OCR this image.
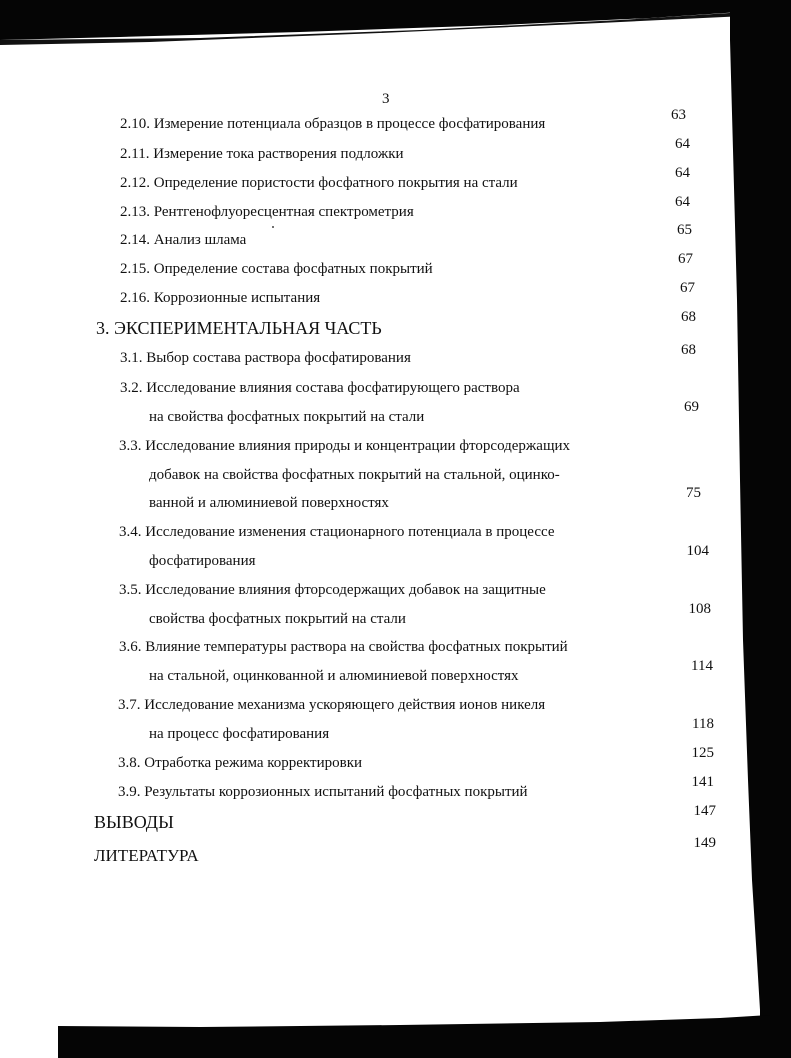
3
2.10. Измерение потенциала образцов в процессе фосфатирования
63
2.11. Измерение тока растворения подложки
64
2.12. Определение пористости фосфатного покрытия на стали
64
2.13. Рентгенофлуоресцентная спектрометрия
64
2.14. Анализ шлама
65
2.15. Определение состава фосфатных покрытий
67
2.16. Коррозионные испытания
67
3. ЭКСПЕРИМЕНТАЛЬНАЯ ЧАСТЬ
68
3.1. Выбор состава раствора фосфатирования	68
3.2. Исследование влияния состава фосфатирующего раствора
на свойства фосфатных покрытий на стали
69
3.3. Исследование влияния природы и концентрации фторсодержащих
добавок на свойства фосфатных покрытий на стальной, оцинко-
ванной и алюминиевой поверхностях
75
3.4. Исследование изменения стационарного потенциала в процессе
фосфатирования
104
3.5. Исследование влияния фторсодержащих добавок на защитные
свойства фосфатных покрытий на стали
108
3.6. Влияние температуры раствора на свойства фосфатных покрытий
на стальной, оцинкованной и алюминиевой поверхностях
114
3.7. Исследование механизма ускоряющего действия ионов никеля
на процесс фосфатирования
118
3.8. Отработка режима корректировки
125
3.9. Результаты коррозионных испытаний фосфатных покрытий
141
ВЫВОДЫ
147
ЛИТЕРАТУРА
149
